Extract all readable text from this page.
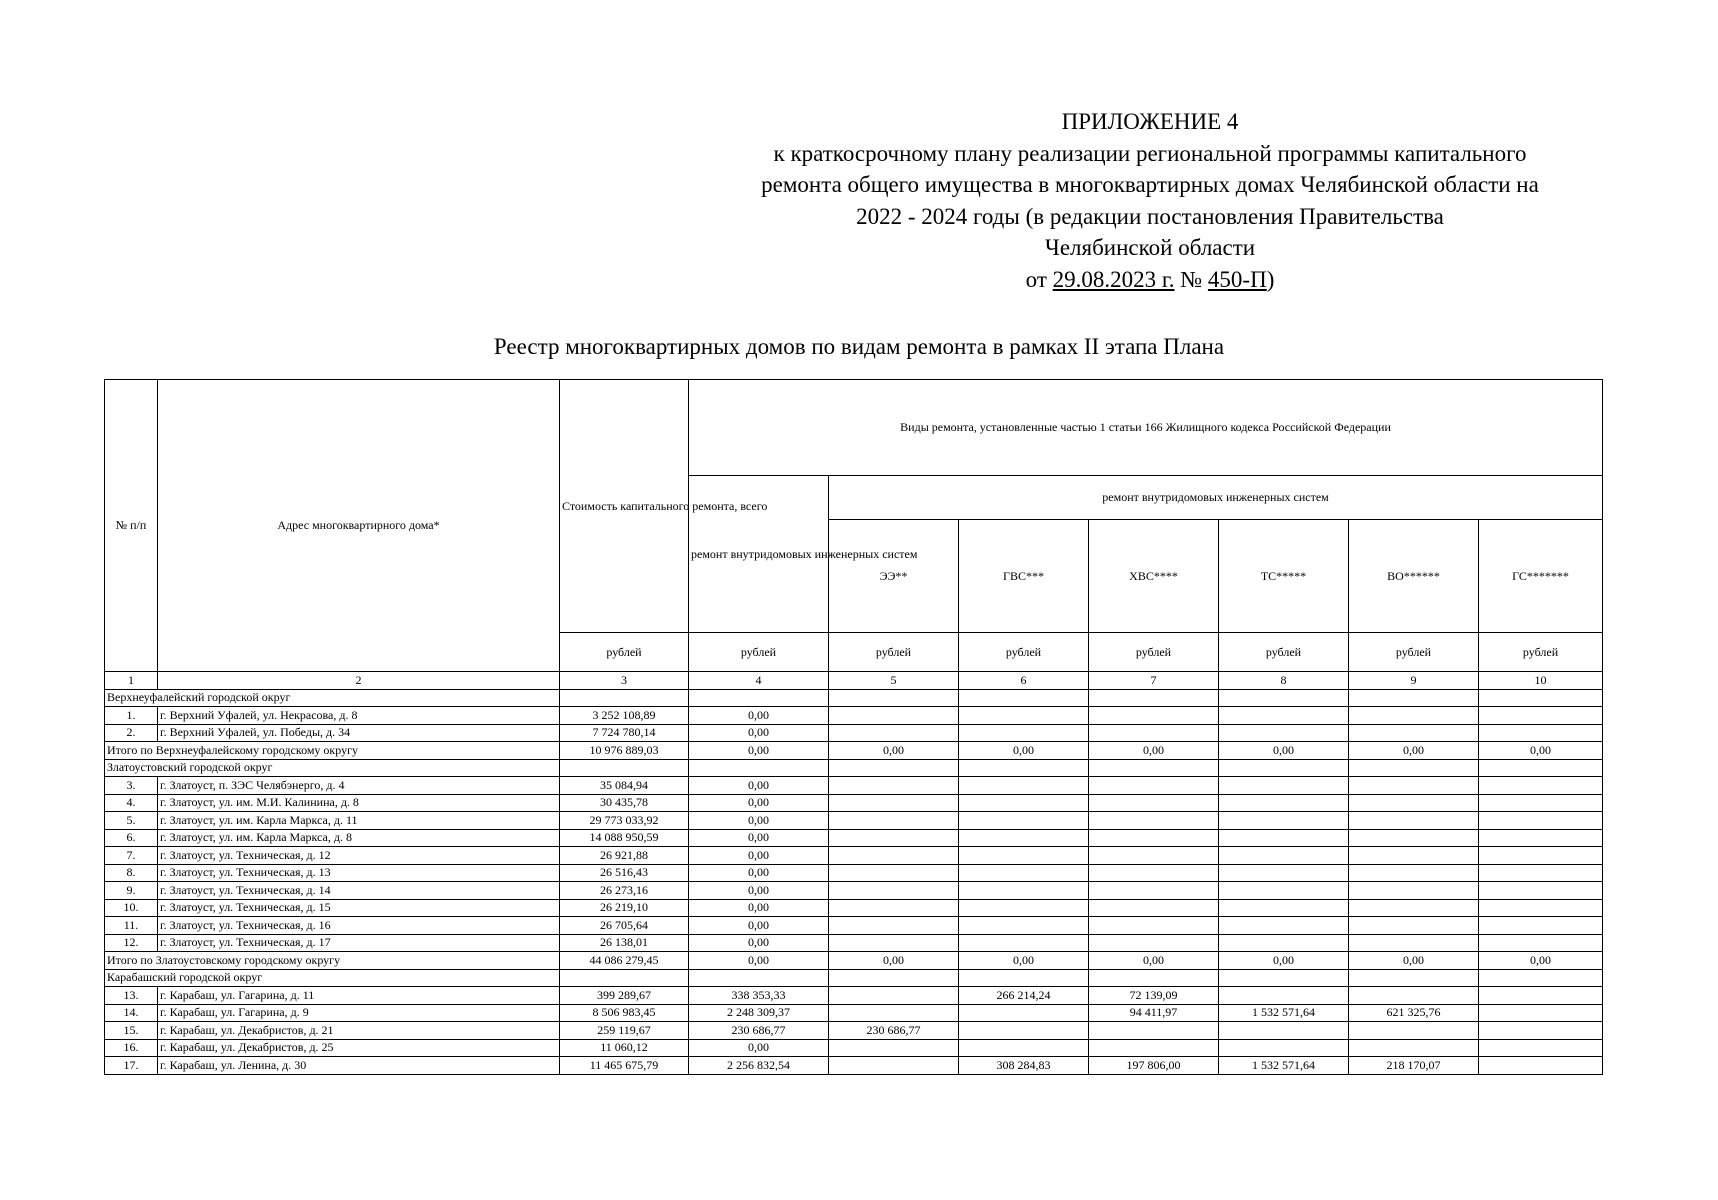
ПРИЛОЖЕНИЕ 4
к краткосрочному плану реализации региональной программы капитального
ремонта общего имущества в многоквартирных домах Челябинской области на
2022 - 2024 годы (в редакции постановления Правительства
Челябинской области
от 29.08.2023 г. № 450-П)
Реестр многоквартирных домов по видам ремонта в рамках II этапа Плана
№ п/п	Адрес многоквартирного дома*	Стоимость капитального ремонта, всего	Виды ремонта, установленные частью 1 статьи 166 Жилищного кодекса Российской Федерации						
			ремонт внутридомовых инженерных систем	ремонт внутридомовых инженерных систем					
				ЭЭ**	ГВС***	ХВС****	ТС*****	ВО******	ГС*******
		рублей	рублей	рублей	рублей	рублей	рублей	рублей	рублей
1	2	3	4	5	6	7	8	9	10
Верхнеуфалейский городской округ									
1.	г. Верхний Уфалей, ул. Некрасова, д. 8	3 252 108,89	0,00						
2.	г. Верхний Уфалей, ул. Победы, д. 34	7 724 780,14	0,00						
Итого по Верхнеуфалейскому городскому округу		10 976 889,03	0,00	0,00	0,00	0,00	0,00	0,00	0,00
Златоустовский городской округ									
3.	г. Златоуст, п. ЗЭС Челябэнерго, д. 4	35 084,94	0,00						
4.	г. Златоуст, ул. им. М.И. Калинина, д. 8	30 435,78	0,00						
5.	г. Златоуст, ул. им. Карла Маркса, д. 11	29 773 033,92	0,00						
6.	г. Златоуст, ул. им. Карла Маркса, д. 8	14 088 950,59	0,00						
7.	г. Златоуст, ул. Техническая, д. 12	26 921,88	0,00						
8.	г. Златоуст, ул. Техническая, д. 13	26 516,43	0,00						
9.	г. Златоуст, ул. Техническая, д. 14	26 273,16	0,00						
10.	г. Златоуст, ул. Техническая, д. 15	26 219,10	0,00						
11.	г. Златоуст, ул. Техническая, д. 16	26 705,64	0,00						
12.	г. Златоуст, ул. Техническая, д. 17	26 138,01	0,00						
Итого по Златоустовскому городскому округу		44 086 279,45	0,00	0,00	0,00	0,00	0,00	0,00	0,00
Карабашский городской округ									
13.	г. Карабаш, ул. Гагарина, д. 11	399 289,67	338 353,33		266 214,24	72 139,09			
14.	г. Карабаш, ул. Гагарина, д. 9	8 506 983,45	2 248 309,37			94 411,97	1 532 571,64	621 325,76	
15.	г. Карабаш, ул. Декабристов, д. 21	259 119,67	230 686,77	230 686,77					
16.	г. Карабаш, ул. Декабристов, д. 25	11 060,12	0,00						
17.	г. Карабаш, ул. Ленина, д. 30	11 465 675,79	2 256 832,54		308 284,83	197 806,00	1 532 571,64	218 170,07	
